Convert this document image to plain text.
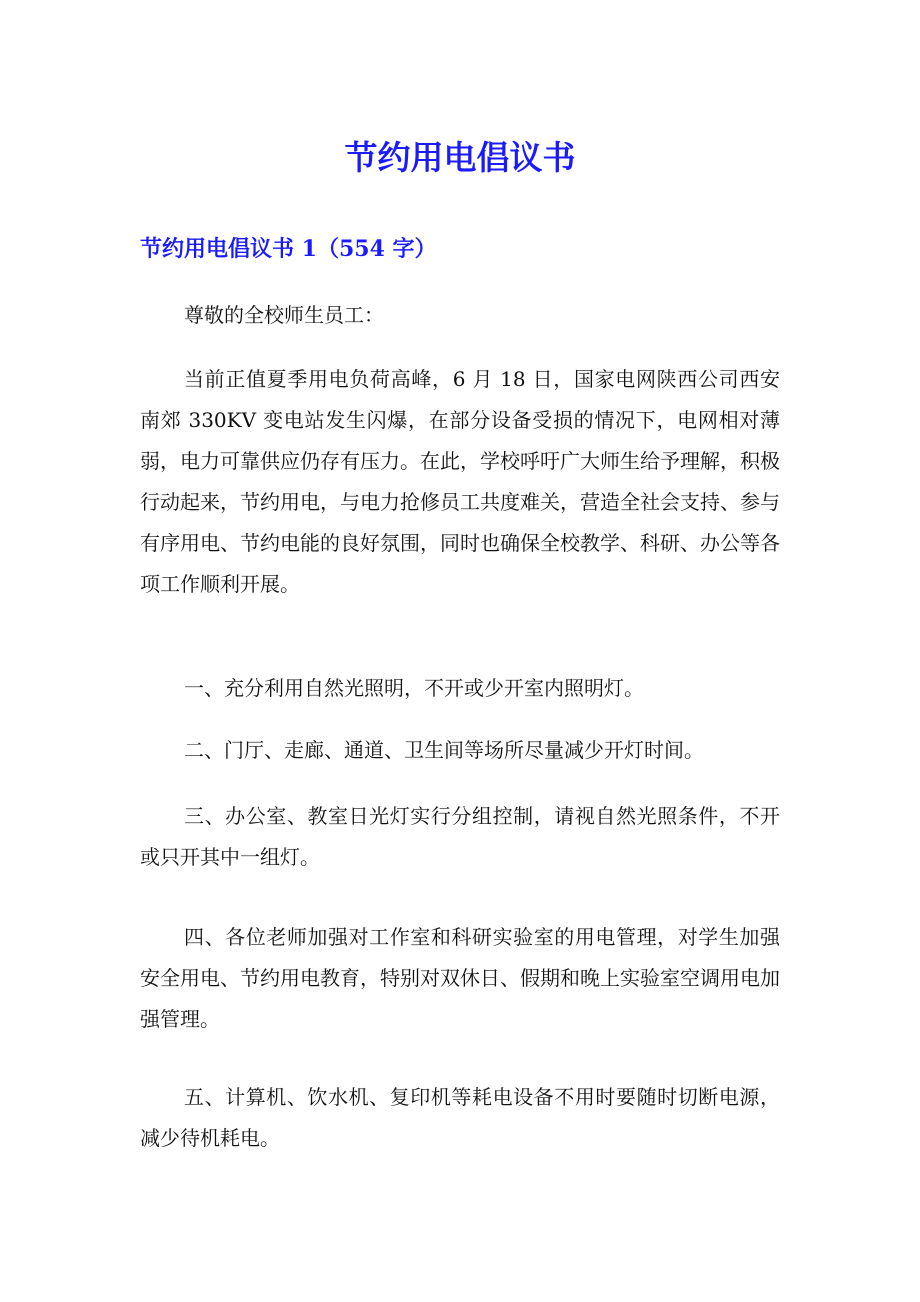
节约用电倡议书
节约用电倡议书 1（554 字）

尊敬的全校师生员工：

当前正值夏季用电负荷高峰，6 月 18 日，国家电网陕西公司西安南郊 330KV 变电站发生闪爆，在部分设备受损的情况下，电网相对薄弱，电力可靠供应仍存有压力。在此，学校呼吁广大师生给予理解，积极行动起来，节约用电，与电力抢修员工共度难关，营造全社会支持、参与有序用电、节约电能的良好氛围，同时也确保全校教学、科研、办公等各项工作顺利开展。

一、充分利用自然光照明，不开或少开室内照明灯。

二、门厅、走廊、通道、卫生间等场所尽量减少开灯时间。

三、办公室、教室日光灯实行分组控制，请视自然光照条件，不开或只开其中一组灯。

四、各位老师加强对工作室和科研实验室的用电管理，对学生加强安全用电、节约用电教育，特别对双休日、假期和晚上实验室空调用电加强管理。

五、计算机、饮水机、复印机等耗电设备不用时要随时切断电源，减少待机耗电。
